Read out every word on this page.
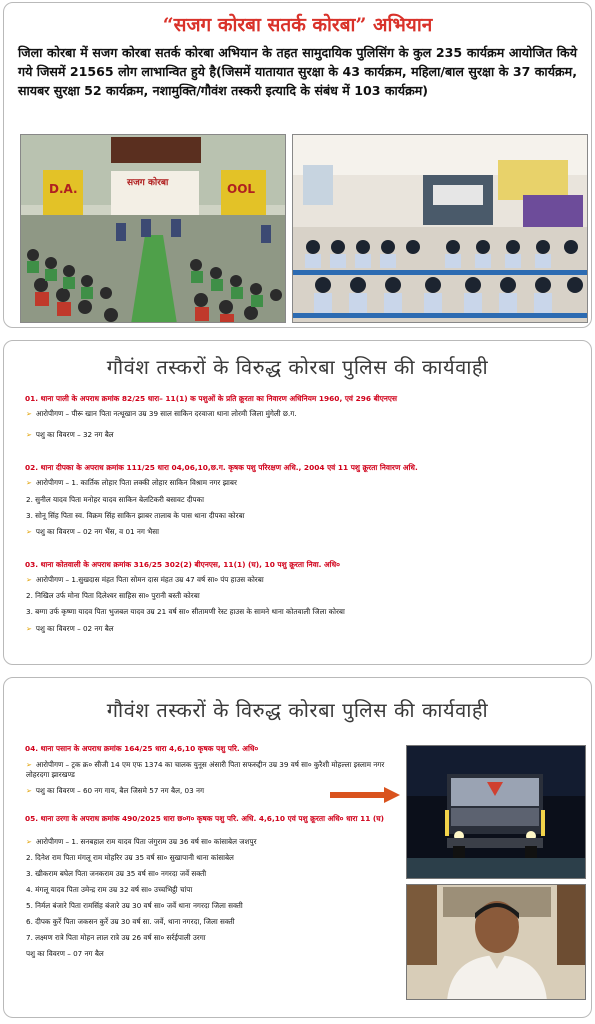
“सजग कोरबा सतर्क कोरबा” अभियान
जिला कोरबा में सजग कोरबा सतर्क कोरबा अभियान के तहत सामुदायिक पुलिसिंग के कुल 235 कार्यक्रम आयोजित किये गये जिसमें 21565 लोग लाभान्वित हुये है(जिसमें यातायात सुरक्षा के 43 कार्यक्रम, महिला/बाल सुरक्षा के 37 कार्यक्रम, सायबर सुरक्षा 52 कार्यक्रम, नशामुक्ति/गौवंश तस्करी इत्यादि के संबंध में 103 कार्यक्रम)
D.A.	सजग कोरबा	OOL
गौवंश तस्करों के विरुद्ध कोरबा पुलिस की कार्यवाही
01. थाना पाली के अपराध क्रमांक 82/25 धारा– 11(1) क पशुओं के प्रति क्रूरता का निवारण अधिनियम 1960, एवं 296 बीएनएस
➢ आरोपीगण – पीरू खान पिता नत्थूखान उम्र 39 साल साकिन दरवाजा थाना लोरमी जिला मुंगेली छ.ग.
➢ पशु का विवरण – 32 नग बैल
02. थाना दीपका के अपराध क्रमांक 111/25 धारा 04,06,10,छ.ग. कृषक पशु परिरक्षण अधि., 2004 एवं 11 पशु क्रूरता निवारण अधि.
➢ आरोपीगण – 1. कार्तिक लोहार पिता लक्की लोहार साकिन विश्राम नगर झाबर
2. सुनील यादव पिता मनोहर यादव साकिन बेलटिकरी बसावट दीपका
3. सोनू सिंह पिता स्व. विक्रम सिंह साकिन झाबर तालाब के पास थाना दीपका कोरबा
➢ पशु का विवरण – 02 नग भैंस, व 01 नग भैसा
03. थाना कोतवाली के अपराध क्रमांक 316/25 302(2) बीएनएस, 11(1) (घ), 10 पशु क्रूरता निवा. अधि०
➢ आरोपीगण – 1.सुखदास मंहत पिता सोमन दास मंहत उम्र 47 वर्ष सा० पंप हाउस कोरबा
2. निखिल उर्फ मोना पिता दिलेश्वर साहिस सा० पुरानी बस्ती कोरबा
3. बग्गा उर्फ कृष्णा यादव पिता भुजबल यादव उम्र 21 वर्ष सा० सीतामणी रेस्ट हाउस के सामने थाना कोतवाली जिला कोरबा
➢ पशु का विवरण – 02 नग बैल
गौवंश तस्करों के विरुद्ध कोरबा पुलिस की कार्यवाही
04. थाना पसान के अपराध क्रमांक 164/25 धारा 4,6,10 कृषक पशु परि. अधि०
➢ आरोपीगण – ट्रक क्र० सीजी 14 एम एफ 1374 का चालक युनूस अंसारी पिता सफरुद्दीन उम्र 39 वर्ष सा० कुरैशी मोहल्ला इस्लाम नगर लोहरदगा झारखण्ड
➢ पशु का विवरण – 60 नग गाय, बैल जिसमे 57 नग बैल, 03 नग
05. थाना उरगा के अपराध क्रमांक 490/2025 धारा छ०ग० कृषक पशु परि. अधि. 4,6,10 एवं पशु क्रूरता अधि० धारा 11 (घ)
➢ आरोपीगण – 1. सनबहाल राम यादव पिता जंगुराम उम्र 36 वर्ष सा० कांसाबेल जशपुर
2. दिनेश राम पिता मंगलू राम मोहरिर उम्र 35 वर्ष सा० सुखापानी थाना कांसाबेल
3. खीकराम बघेल पिता जनकराम उम्र 35 वर्ष सा० नगरदा जर्वे सक्ती
4. मंगलू यादव पिता उमेन्द्र राम उम्र 32 वर्ष सा० उच्चभिट्ठी चांपा
5. निर्मल बंजारे पिता रामसिंह बंजारे उम्र 30 वर्ष सा० जर्वे थाना नगरदा जिला सक्ती
6. दीपक कुर्रे पिता जकसन कुर्रे उम्र 30 वर्ष सा. जर्वे, थाना नगरदा, जिला सक्ती
7. लक्ष्मण रात्रे पिता मोहन लाल रात्रे उम्र 26 वर्ष सा० सर्रईपाली उरगा
पशु का विवरण – 07 नग बैल
